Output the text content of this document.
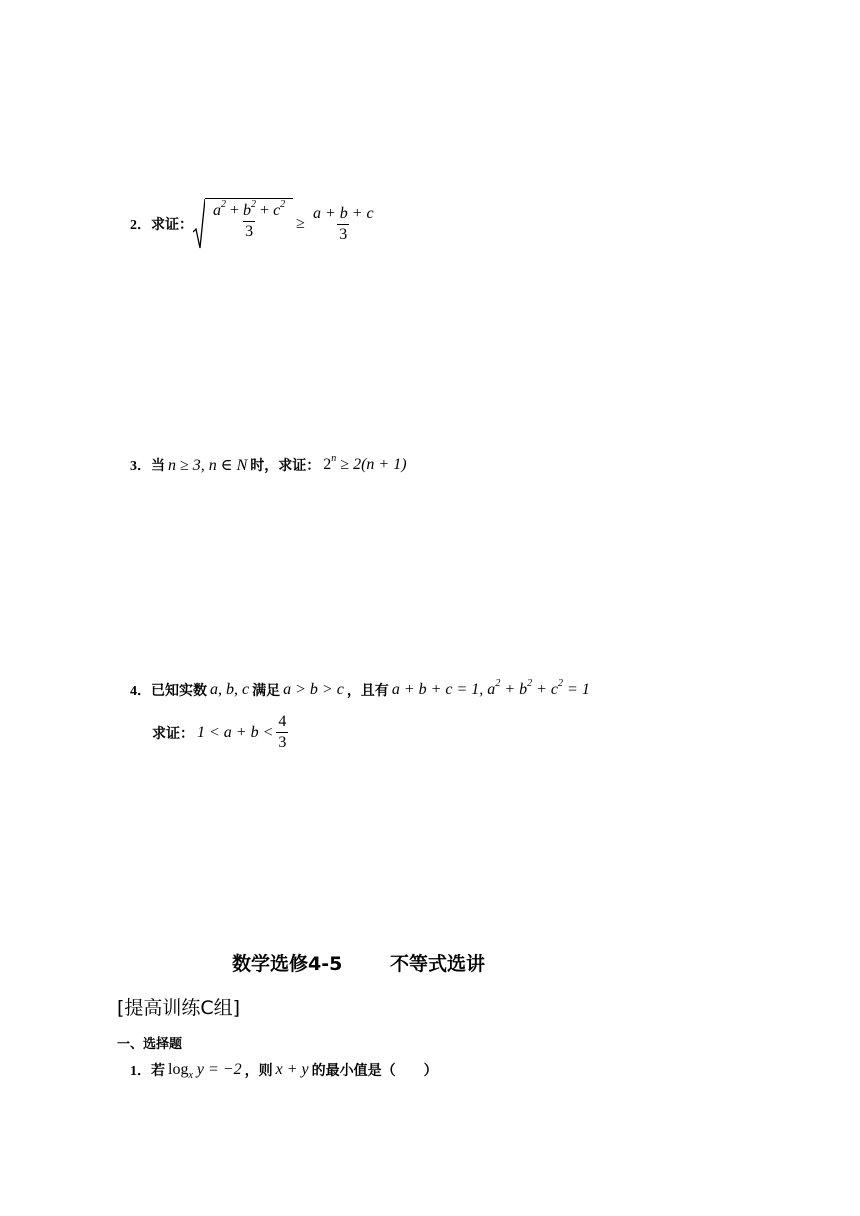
2． 求证： $\frac{a^2 + b^2 + c^2}{3} \ge \frac{a + b + c}{3}$
3． 当 n ≥ 3, n ∈ N 时，求证： $2^n \ge 2(n + 1)$
4． 已知实数 a, b, c 满足 a > b > c ，且有 a + b + c = 1, $a^2 + b^2 + c^2 = 1$
求证： $1 < a + b < \frac{4}{3}$
数学选修4-5	不等式选讲
[提高训练C组]
一、选择题
1． 若 $\log_x y = -2$ ，则 x + y 的最小值是（　　）
